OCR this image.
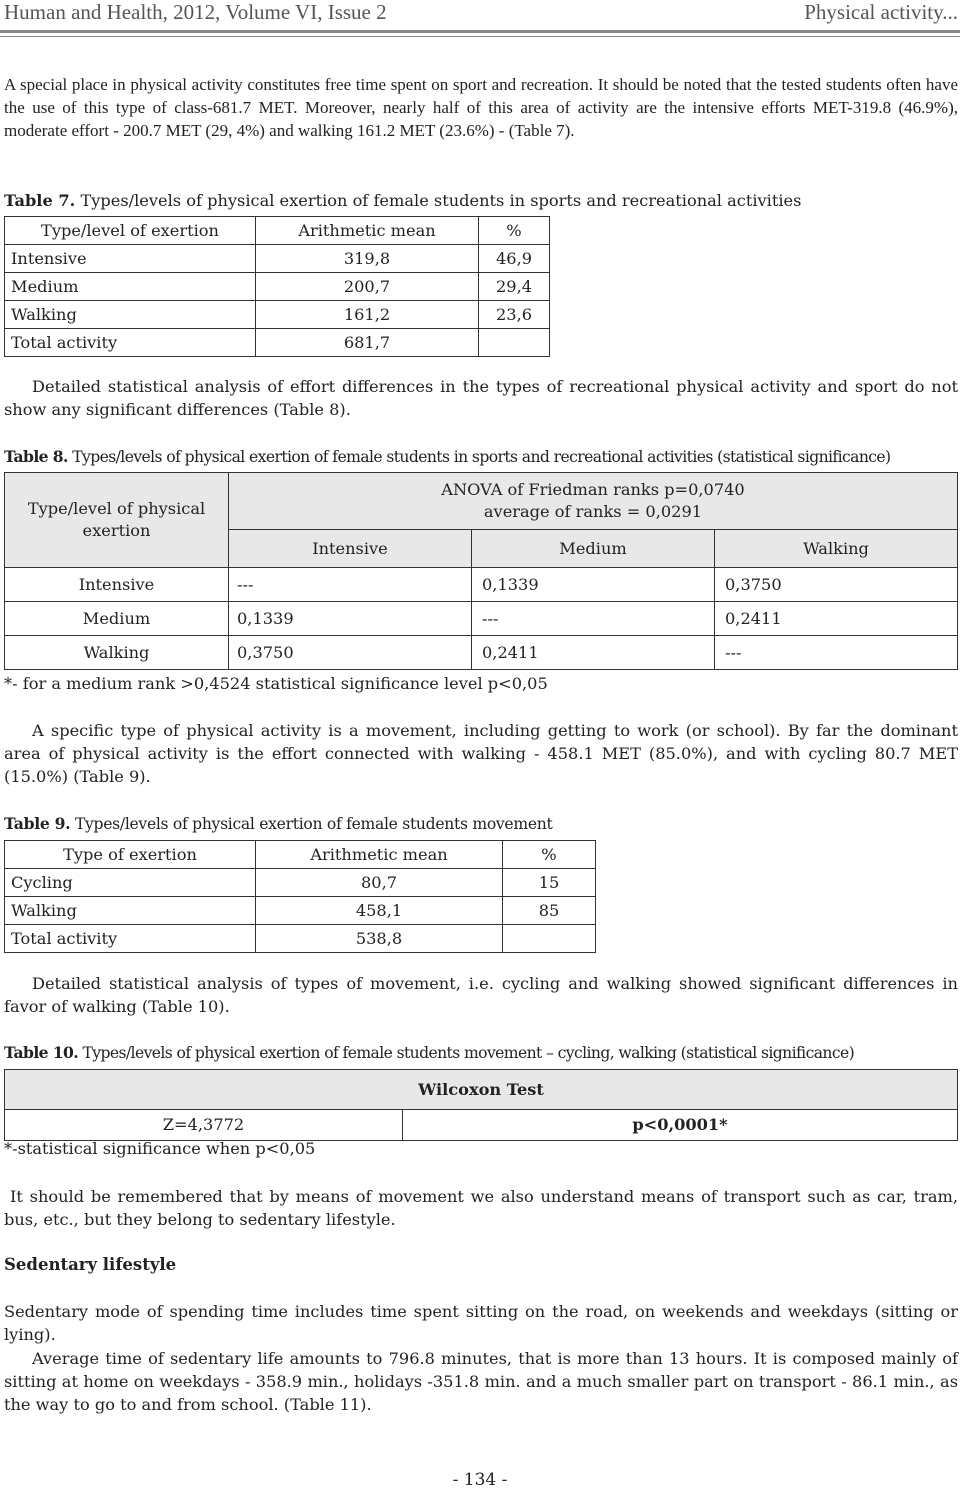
Human and Health, 2012, Volume VI, Issue 2	Physical activity...

A special place in physical activity constitutes free time spent on sport and recreation. It should be noted that the tested students often have the use of this type of class-681.7 MET. Moreover, nearly half of this area of activity are the intensive efforts MET-319.8 (46.9%), moderate effort - 200.7 MET (29, 4%) and walking 161.2 MET (23.6%) - (Table 7).

Table 7. Types/levels of physical exertion of female students in sports and recreational activities

Type/level of exertion	Arithmetic mean	%
Intensive	319,8	46,9
Medium	200,7	29,4
Walking	161,2	23,6
Total activity	681,7	

Detailed statistical analysis of effort differences in the types of recreational physical activity and sport do not show any significant differences (Table 8).

Table 8. Types/levels of physical exertion of female students in sports and recreational activities (statistical significance)

Type/level of physical exertion
ANOVA of Friedman ranks p=0,0740
average of ranks = 0,0291
Intensive	Medium	Walking
Intensive	---	0,1339	0,3750
Medium	0,1339	---	0,2411
Walking	0,3750	0,2411	---
*- for a medium rank >0,4524 statistical significance level p<0,05

A specific type of physical activity is a movement, including getting to work (or school). By far the dominant area of physical activity is the effort connected with walking - 458.1 MET (85.0%), and with cycling 80.7 MET (15.0%) (Table 9).

Table 9. Types/levels of physical exertion of female students movement

Type of exertion	Arithmetic mean	%
Cycling	80,7	15
Walking	458,1	85
Total activity	538,8	

Detailed statistical analysis of types of movement, i.e. cycling and walking showed significant differences in favor of walking (Table 10).

Table 10. Types/levels of physical exertion of female students movement – cycling, walking (statistical significance)

Wilcoxon Test
Z=4,3772	p<0,0001*
*-statistical significance when p<0,05

It should be remembered that by means of movement we also understand means of transport such as car, tram, bus, etc., but they belong to sedentary lifestyle.

Sedentary lifestyle

Sedentary mode of spending time includes time spent sitting on the road, on weekends and weekdays (sitting or lying).

Average time of sedentary life amounts to 796.8 minutes, that is more than 13 hours. It is composed mainly of sitting at home on weekdays - 358.9 min., holidays -351.8 min. and a much smaller part on transport - 86.1 min., as the way to go to and from school. (Table 11).

- 134 -
